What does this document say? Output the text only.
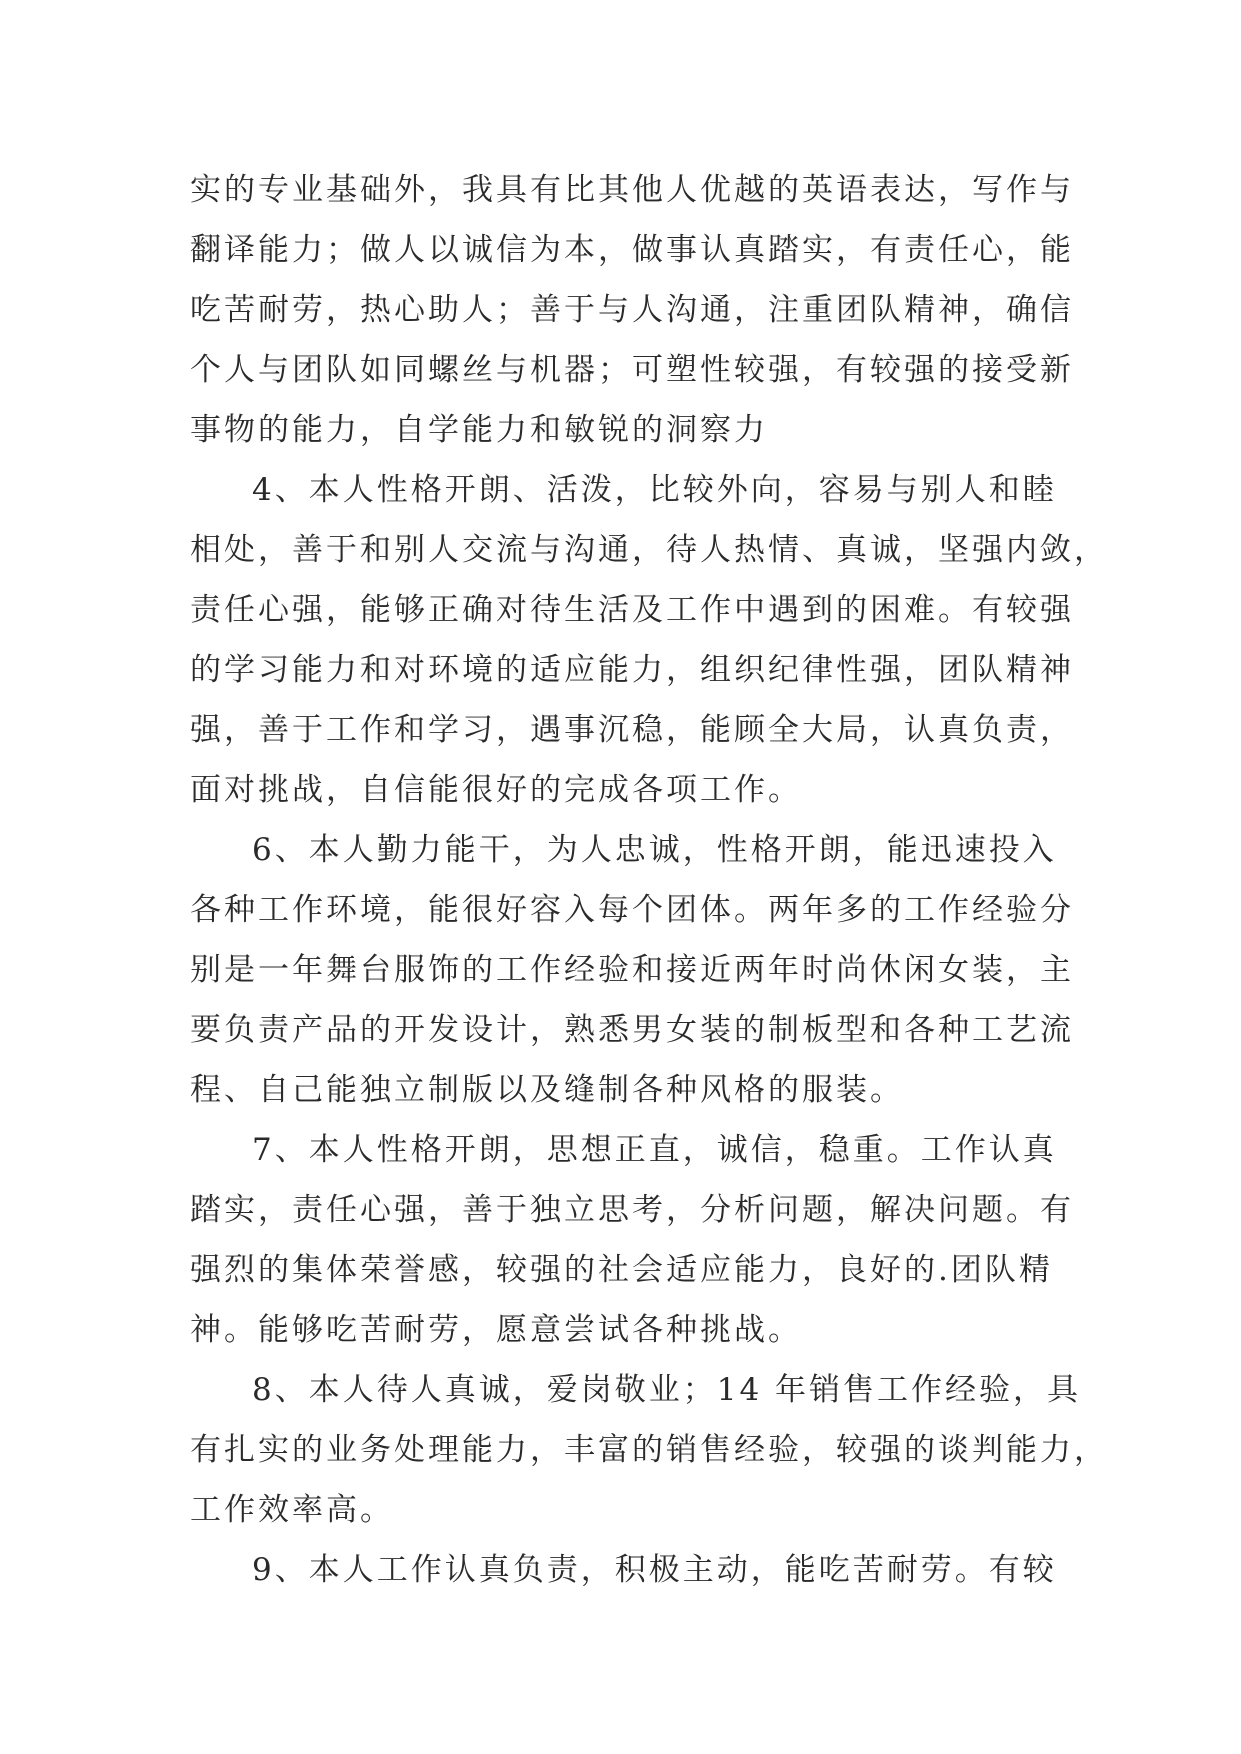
实的专业基础外，我具有比其他人优越的英语表达，写作与
翻译能力；做人以诚信为本，做事认真踏实，有责任心，能
吃苦耐劳，热心助人；善于与人沟通，注重团队精神，确信
个人与团队如同螺丝与机器；可塑性较强，有较强的接受新
事物的能力，自学能力和敏锐的洞察力
4、本人性格开朗、活泼，比较外向，容易与别人和睦
相处，善于和别人交流与沟通，待人热情、真诚，坚强内敛，
责任心强，能够正确对待生活及工作中遇到的困难。有较强
的学习能力和对环境的适应能力，组织纪律性强，团队精神
强，善于工作和学习，遇事沉稳，能顾全大局，认真负责，
面对挑战，自信能很好的完成各项工作。
6、本人勤力能干，为人忠诚，性格开朗，能迅速投入
各种工作环境，能很好容入每个团体。两年多的工作经验分
别是一年舞台服饰的工作经验和接近两年时尚休闲女装，主
要负责产品的开发设计，熟悉男女装的制板型和各种工艺流
程、自己能独立制版以及缝制各种风格的服装。
7、本人性格开朗，思想正直，诚信，稳重。工作认真
踏实，责任心强，善于独立思考，分析问题，解决问题。有
强烈的集体荣誉感，较强的社会适应能力，良好的.团队精
神。能够吃苦耐劳，愿意尝试各种挑战。
8、本人待人真诚，爱岗敬业；14 年销售工作经验，具
有扎实的业务处理能力，丰富的销售经验，较强的谈判能力，
工作效率高。
9、本人工作认真负责，积极主动，能吃苦耐劳。有较
